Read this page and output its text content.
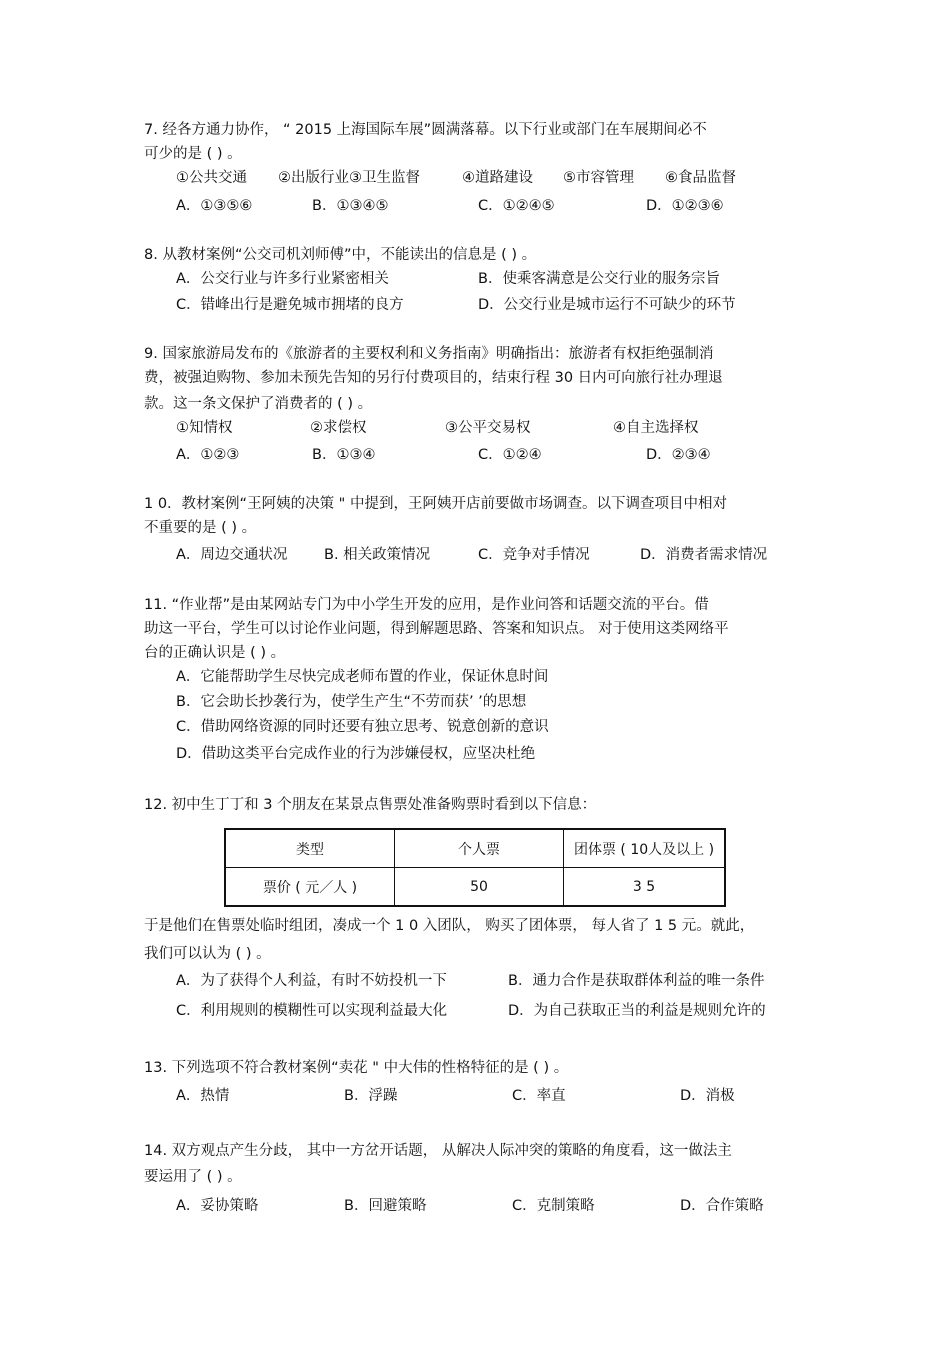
7. 经各方通力协作， “ 2015 上海国际车展”圆满落幕。以下行业或部门在车展期间必不
可少的是 ( ) 。
①公共交通 ②出版行业③卫生监督	④道路建设 ⑤市容管理 ⑥食品监督
A．①③⑤⑥	B．①③④⑤	C．①②④⑤	D．①②③⑥
8. 从教材案例“公交司机刘师傅”中，不能读出的信息是 ( ) 。
A．公交行业与许多行业紧密相关	B．使乘客满意是公交行业的服务宗旨
C．错峰出行是避免城市拥堵的良方	D．公交行业是城市运行不可缺少的环节
9. 国家旅游局发布的《旅游者的主要权利和义务指南》明确指出：旅游者有权拒绝强制消
费，被强迫购物、参加未预先告知的另行付费项目的，结束行程 30 日内可向旅行社办理退
款。这一条文保护了消费者的 ( ) 。
①知情权	②求偿权	③公平交易权	④自主选择权
A．①②③	B．①③④	C．①②④	D．②③④
1 0．教材案例“王阿姨的决策 " 中提到，王阿姨开店前要做市场调查。以下调查项目中相对
不重要的是 ( ) 。
A．周边交通状况	B. 相关政策情况	C．竞争对手情况	D．消费者需求情况
11. “作业帮”是由某网站专门为中小学生开发的应用，是作业问答和话题交流的平台。借
助这一平台，学生可以讨论作业问题，得到解题思路、答案和知识点。 对于使用这类网络平
台的正确认识是 ( ) 。
A．它能帮助学生尽快完成老师布置的作业，保证休息时间
B．它会助长抄袭行为，使学生产生“不劳而获’ ’的思想
C．借助网络资源的同时还要有独立思考、锐意创新的意识
D．借助这类平台完成作业的行为涉嫌侵权，应坚决杜绝
12. 初中生丁丁和 3 个朋友在某景点售票处准备购票时看到以下信息：
类型	个人票	团体票 ( 10人及以上 )
票价 ( 元／人 )	50	3 5
于是他们在售票处临时组团，凑成一个 1 0 入团队， 购买了团体票， 每人省了 1 5 元。就此，
我们可以认为 ( ) 。
A．为了获得个人利益，有时不妨投机一下	B．通力合作是获取群体利益的唯一条件
C．利用规则的模糊性可以实现利益最大化	D．为自己获取正当的利益是规则允许的
13. 下列选项不符合教材案例“卖花 " 中大伟的性格特征的是 ( ) 。
A．热情	B．浮躁	C．率直	D．消极
14. 双方观点产生分歧， 其中一方岔开话题， 从解决人际冲突的策略的角度看，这一做法主
要运用了 ( ) 。
A．妥协策略	B．回避策略	C．克制策略	D．合作策略
